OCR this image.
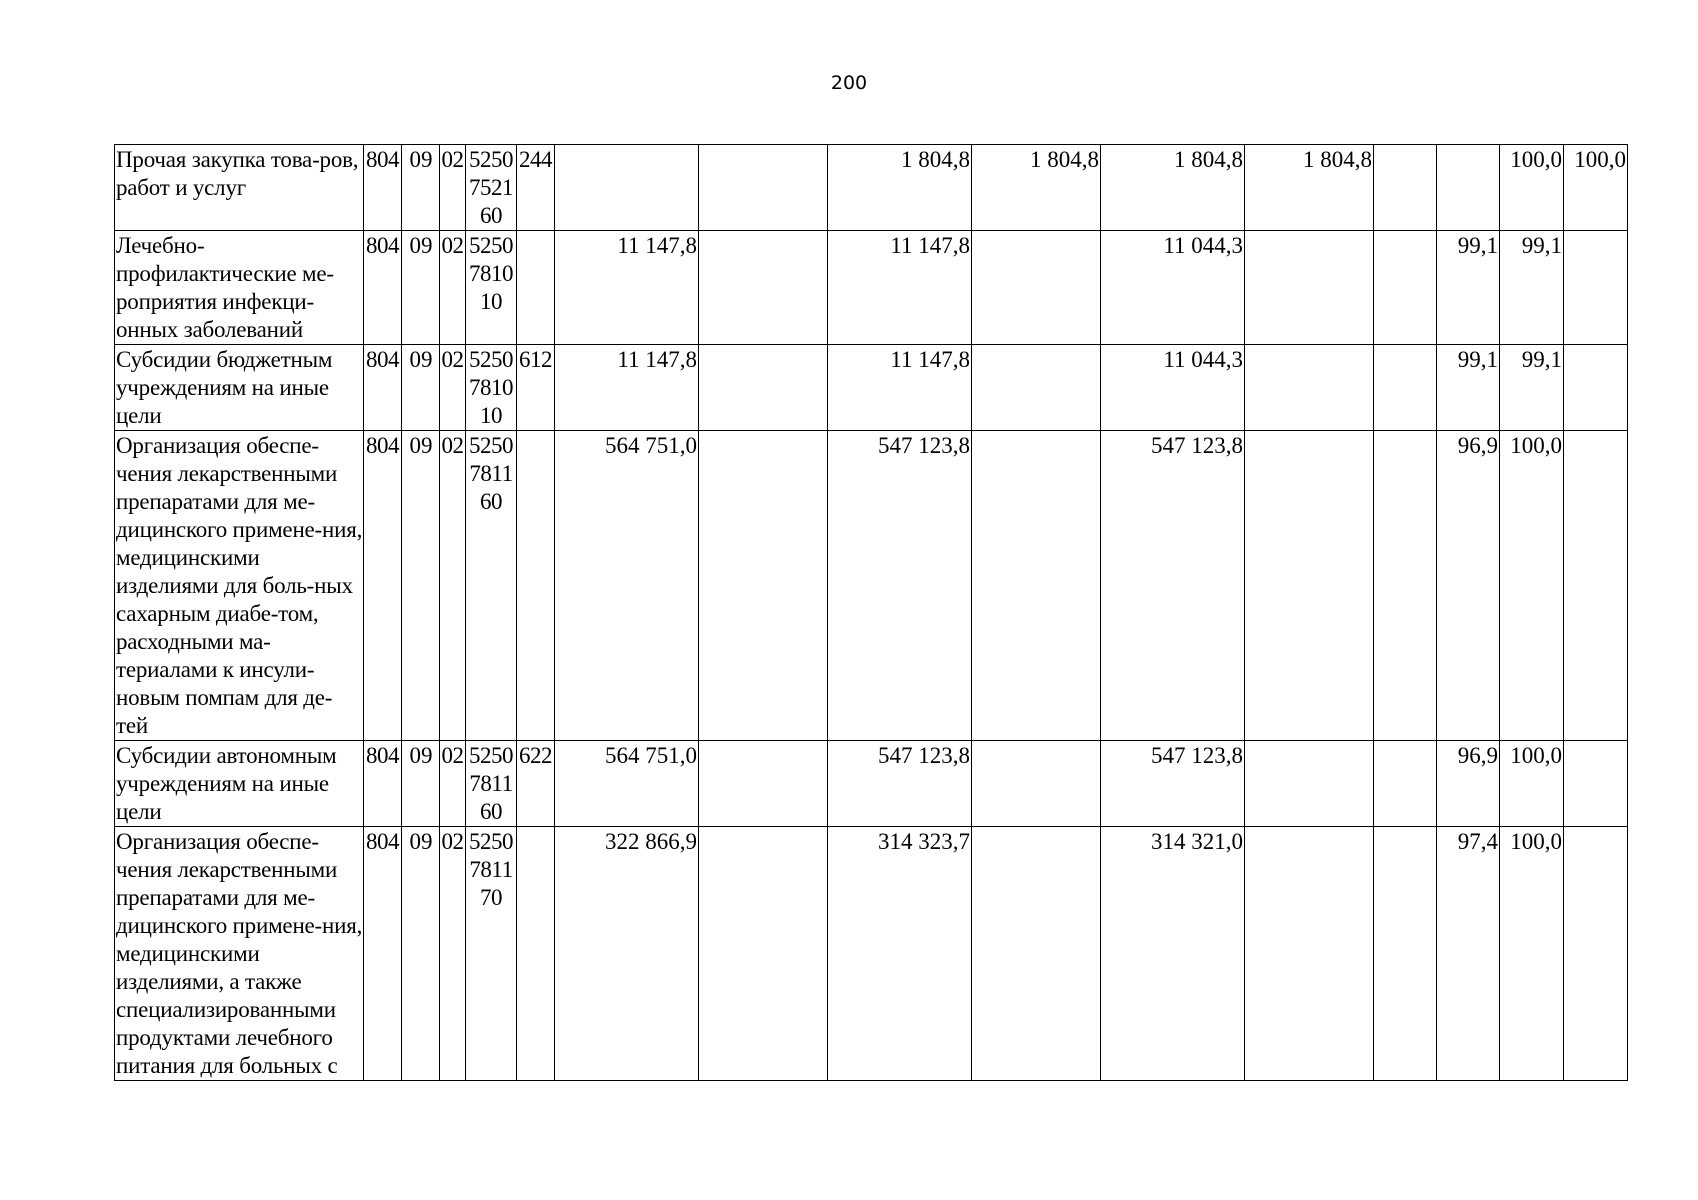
200
Прочая закупка това-ров, работ и услуг	804	09	02	5250752160	244			1 804,8	1 804,8	1 804,8	1 804,8			100,0	100,0
Лечебно-профилактические ме-роприятия инфекци-онных заболеваний	804	09	02	5250781010		11 147,8		11 147,8		11 044,3			99,1	99,1	
Субсидии бюджетным учреждениям на иные цели	804	09	02	5250781010	612	11 147,8		11 147,8		11 044,3			99,1	99,1	
Организация обеспе-чения лекарственными препаратами для ме-дицинского примене-ния, медицинскими изделиями для боль-ных сахарным диабе-том, расходными ма-териалами к инсули-новым помпам для де-тей	804	09	02	5250781160		564 751,0		547 123,8		547 123,8			96,9	100,0	
Субсидии автономным учреждениям на иные цели	804	09	02	5250781160	622	564 751,0		547 123,8		547 123,8			96,9	100,0	
Организация обеспе-чения лекарственными препаратами для ме-дицинского примене-ния, медицинскими изделиями, а также специализированными продуктами лечебного питания для больных с	804	09	02	5250781170		322 866,9		314 323,7		314 321,0			97,4	100,0	
